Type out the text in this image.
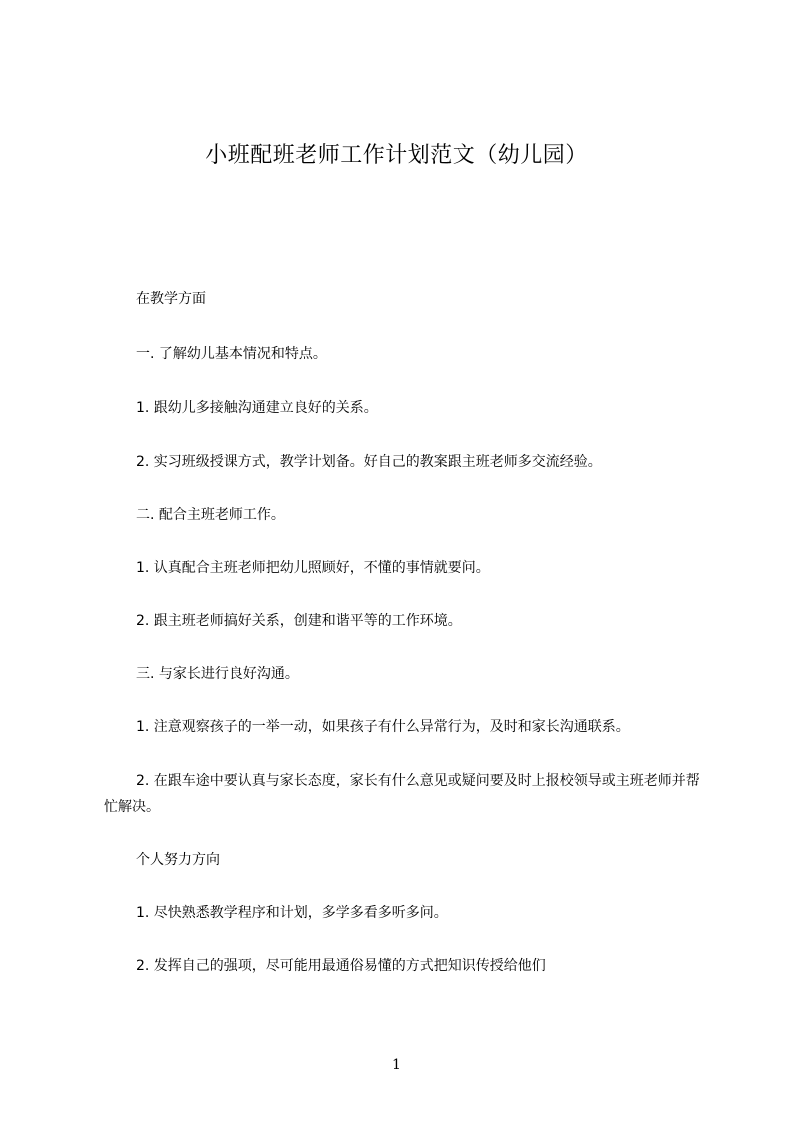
小班配班老师工作计划范文（幼儿园）

在教学方面

一. 了解幼儿基本情况和特点。

1. 跟幼儿多接触沟通建立良好的关系。

2. 实习班级授课方式，教学计划备。好自己的教案跟主班老师多交流经验。

二. 配合主班老师工作。

1. 认真配合主班老师把幼儿照顾好，不懂的事情就要问。

2. 跟主班老师搞好关系，创建和谐平等的工作环境。

三. 与家长进行良好沟通。

1. 注意观察孩子的一举一动，如果孩子有什么异常行为，及时和家长沟通联系。

2. 在跟车途中要认真与家长态度，家长有什么意见或疑问要及时上报校领导或主班老师并帮忙解决。

个人努力方向

1. 尽快熟悉教学程序和计划，多学多看多听多问。

2. 发挥自己的强项，尽可能用最通俗易懂的方式把知识传授给他们

1
